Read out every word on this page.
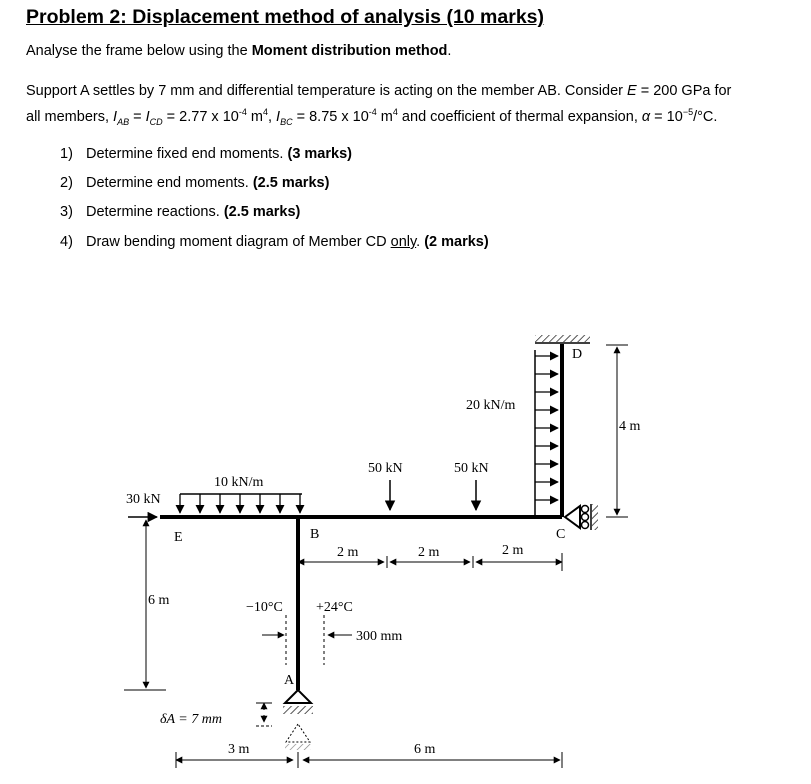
Problem 2: Displacement method of analysis (10 marks)
Analyse the frame below using the Moment distribution method.
Support A settles by 7 mm and differential temperature is acting on the member AB. Consider E = 200 GPa for
all members, $I_{AB} = I_{CD} = 2.77$ x $10^{-4}$ $m^4$, $I_{BC} = 8.75$ x $10^{-4}$ $m^4$ and coefficient of thermal expansion, $\alpha = 10^{-5}/^\circ C$.
1) Determine fixed end moments. (3 marks)
2) Determine end moments. (2.5 marks)
3) Determine reactions. (2.5 marks)
4) Draw bending moment diagram of Member CD only. (2 marks)
30 kN
10 kN/m
20 kN/m
50 kN	50 kN
E	B	C
D
A
2 m	2 m	2 m
6 m
4 m
−10°C +24°C
300 mm
δA = 7 mm
3 m	6 m
